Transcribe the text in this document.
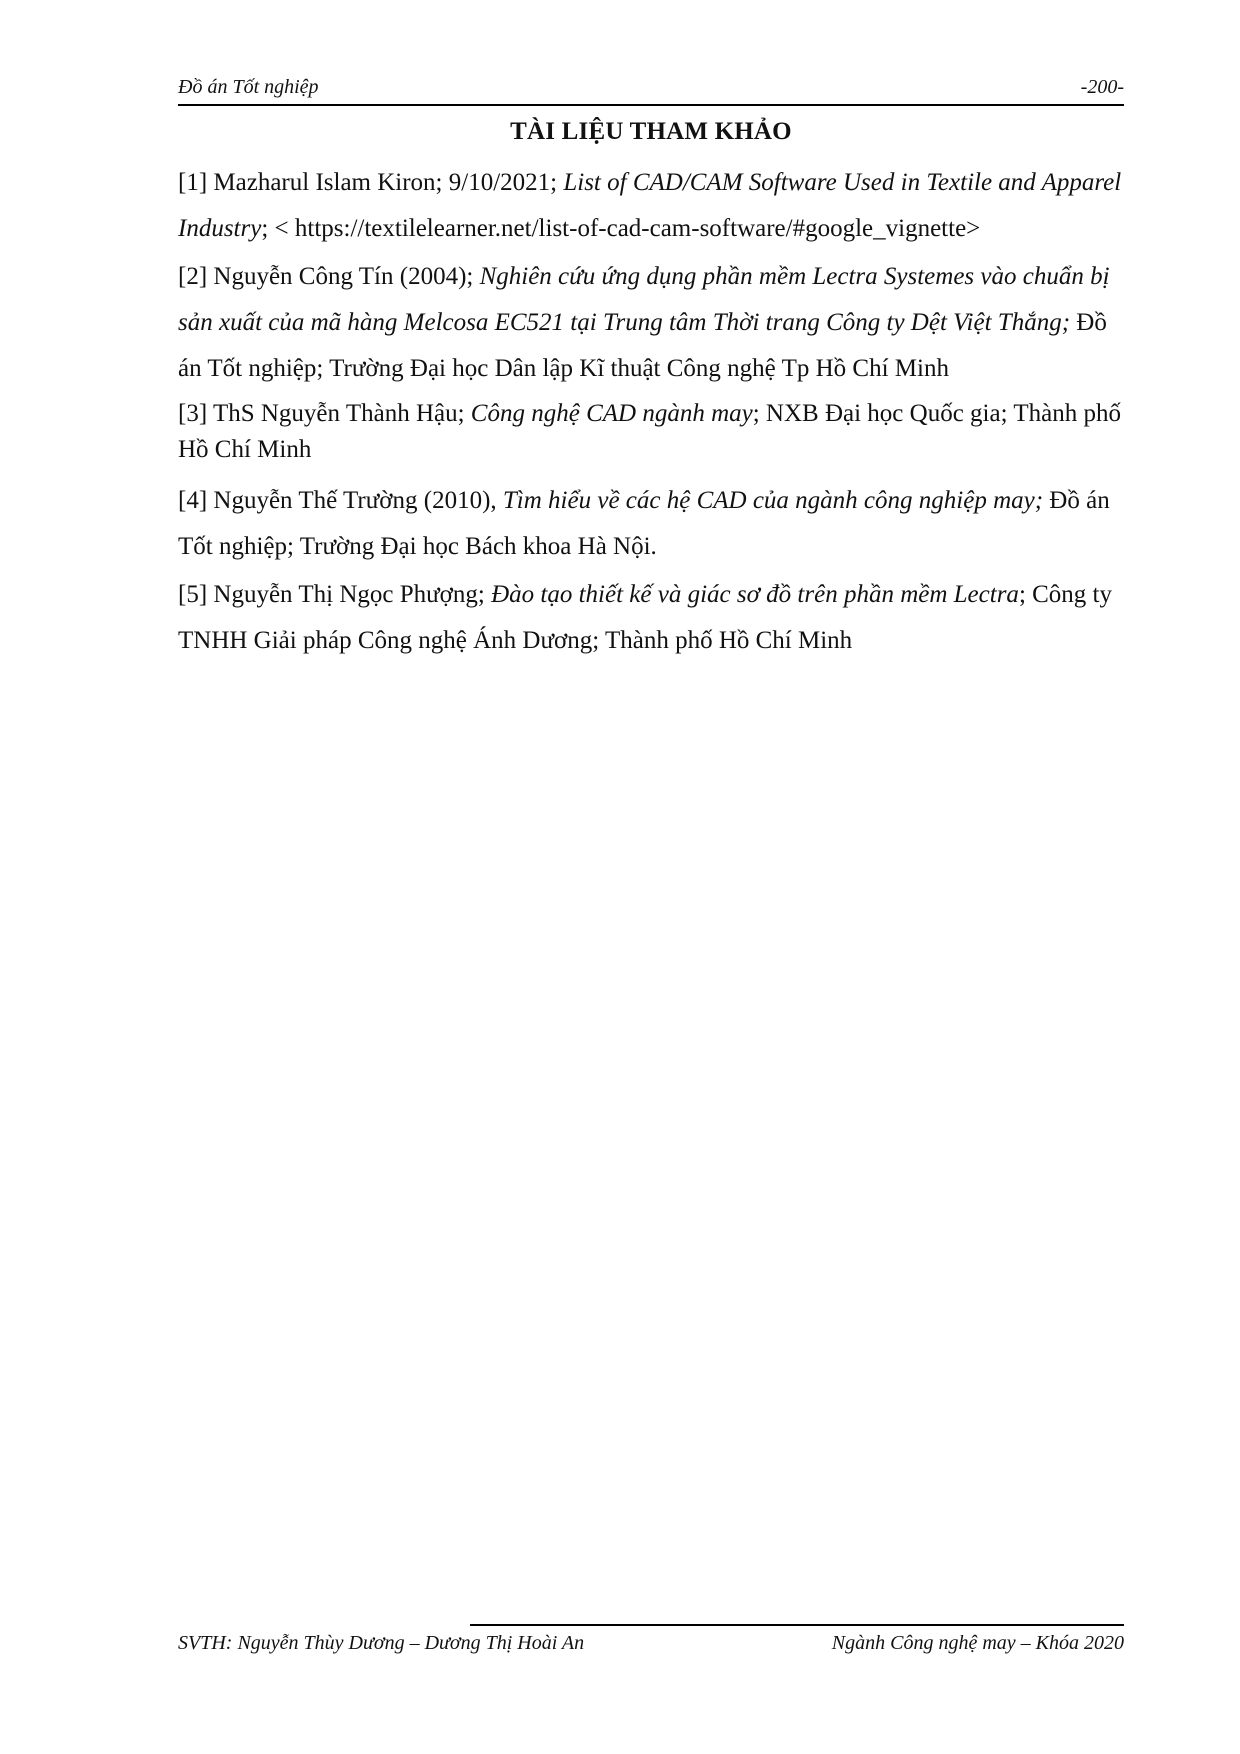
Đồ án Tốt nghiệp	-200-
TÀI LIỆU THAM KHẢO

[1] Mazharul Islam Kiron; 9/10/2021; List of CAD/CAM Software Used in Textile and Apparel Industry; < https://textilelearner.net/list-of-cad-cam-software/#google_vignette>

[2] Nguyễn Công Tín (2004); Nghiên cứu ứng dụng phần mềm Lectra Systemes vào chuẩn bị sản xuất của mã hàng Melcosa EC521 tại Trung tâm Thời trang Công ty Dệt Việt Thắng; Đồ án Tốt nghiệp; Trường Đại học Dân lập Kĩ thuật Công nghệ Tp Hồ Chí Minh

[3] ThS Nguyễn Thành Hậu; Công nghệ CAD ngành may; NXB Đại học Quốc gia; Thành phố Hồ Chí Minh

[4] Nguyễn Thế Trường (2010), Tìm hiểu về các hệ CAD của ngành công nghiệp may; Đồ án Tốt nghiệp; Trường Đại học Bách khoa Hà Nội.

[5] Nguyễn Thị Ngọc Phượng; Đào tạo thiết kế và giác sơ đồ trên phần mềm Lectra; Công ty TNHH Giải pháp Công nghệ Ánh Dương; Thành phố Hồ Chí Minh

SVTH: Nguyễn Thùy Dương – Dương Thị Hoài An	Ngành Công nghệ may – Khóa 2020
